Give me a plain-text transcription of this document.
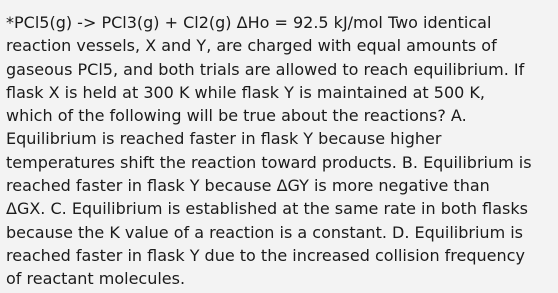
*PCl5(g) -> PCl3(g) + Cl2(g) ΔHo = 92.5 kJ/mol Two identical
reaction vessels, X and Y, are charged with equal amounts of
gaseous PCl5, and both trials are allowed to reach equilibrium. If
flask X is held at 300 K while flask Y is maintained at 500 K,
which of the following will be true about the reactions? A.
Equilibrium is reached faster in flask Y because higher
temperatures shift the reaction toward products. B. Equilibrium is
reached faster in flask Y because ΔGY is more negative than
ΔGX. C. Equilibrium is established at the same rate in both flasks
because the K value of a reaction is a constant. D. Equilibrium is
reached faster in flask Y due to the increased collision frequency
of reactant molecules.
